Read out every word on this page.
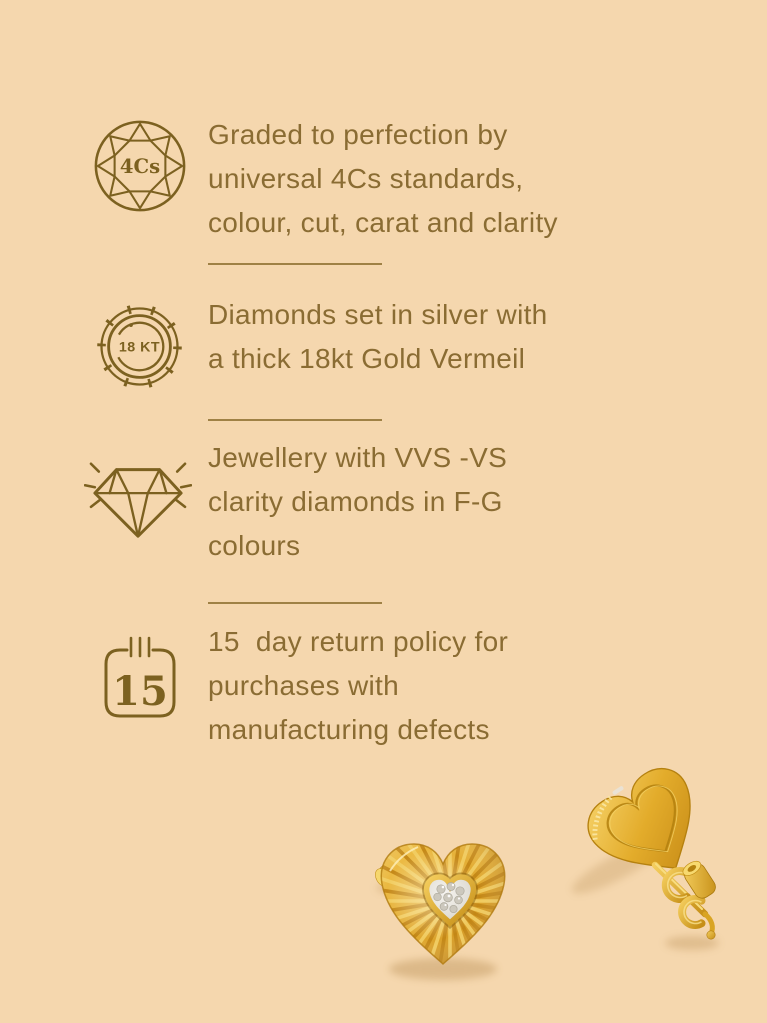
4Cs
Graded to perfection by
universal 4Cs standards,
colour, cut, carat and clarity
18 KT
Diamonds set in silver with
a thick 18kt Gold Vermeil
Jewellery with VVS -VS
clarity diamonds in F-G
colours
15
15  day return policy for
purchases with
manufacturing defects
